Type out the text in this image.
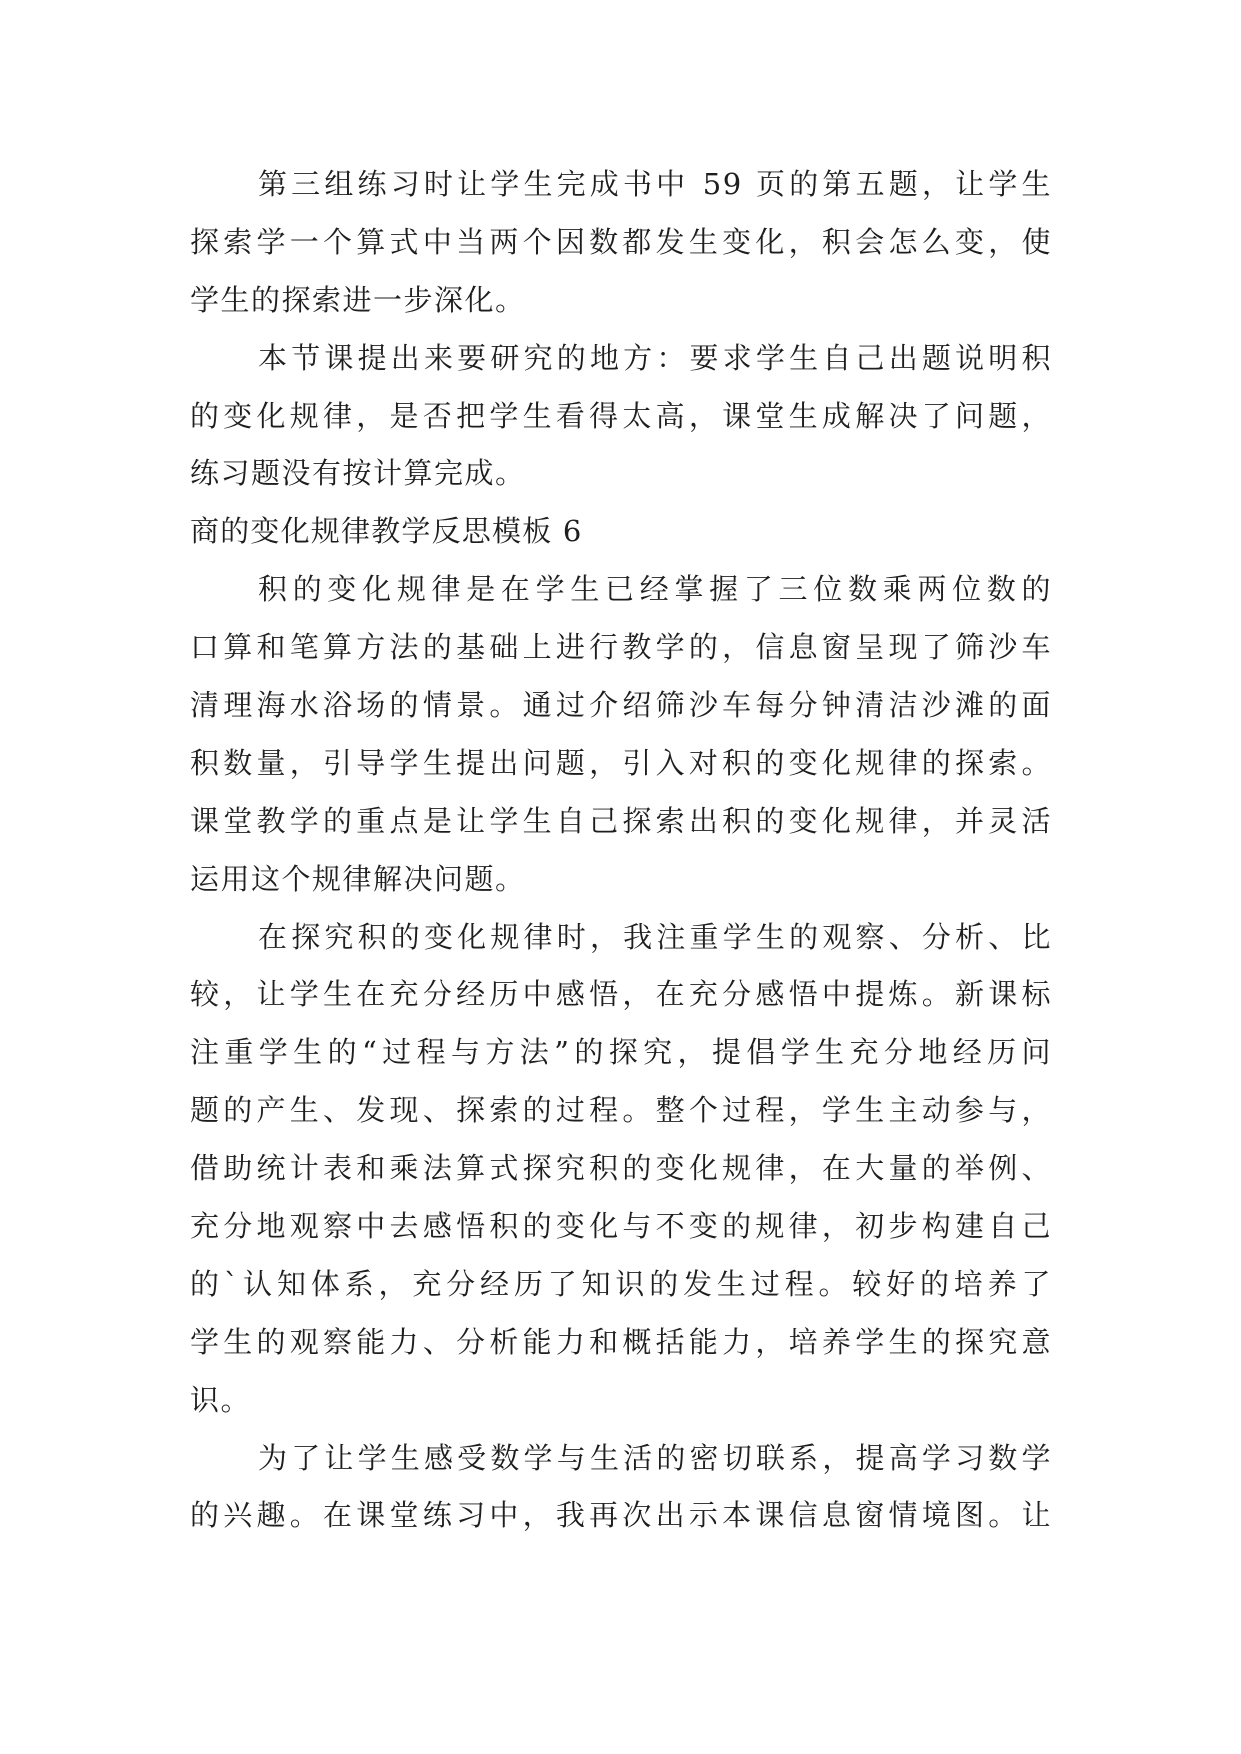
第三组练习时让学生完成书中 59 页的第五题，让学生
探索学一个算式中当两个因数都发生变化，积会怎么变，使
学生的探索进一步深化。
本节课提出来要研究的地方：要求学生自己出题说明积
的变化规律，是否把学生看得太高，课堂生成解决了问题，
练习题没有按计算完成。
商的变化规律教学反思模板 6
积的变化规律是在学生已经掌握了三位数乘两位数的
口算和笔算方法的基础上进行教学的，信息窗呈现了筛沙车
清理海水浴场的情景。通过介绍筛沙车每分钟清洁沙滩的面
积数量，引导学生提出问题，引入对积的变化规律的探索。
课堂教学的重点是让学生自己探索出积的变化规律，并灵活
运用这个规律解决问题。
在探究积的变化规律时，我注重学生的观察、分析、比
较，让学生在充分经历中感悟，在充分感悟中提炼。新课标
注重学生的“过程与方法”的探究，提倡学生充分地经历问
题的产生、发现、探索的过程。整个过程，学生主动参与，
借助统计表和乘法算式探究积的变化规律，在大量的举例、
充分地观察中去感悟积的变化与不变的规律，初步构建自己
的`认知体系，充分经历了知识的发生过程。较好的培养了
学生的观察能力、分析能力和概括能力，培养学生的探究意
识。
为了让学生感受数学与生活的密切联系，提高学习数学
的兴趣。在课堂练习中，我再次出示本课信息窗情境图。让
